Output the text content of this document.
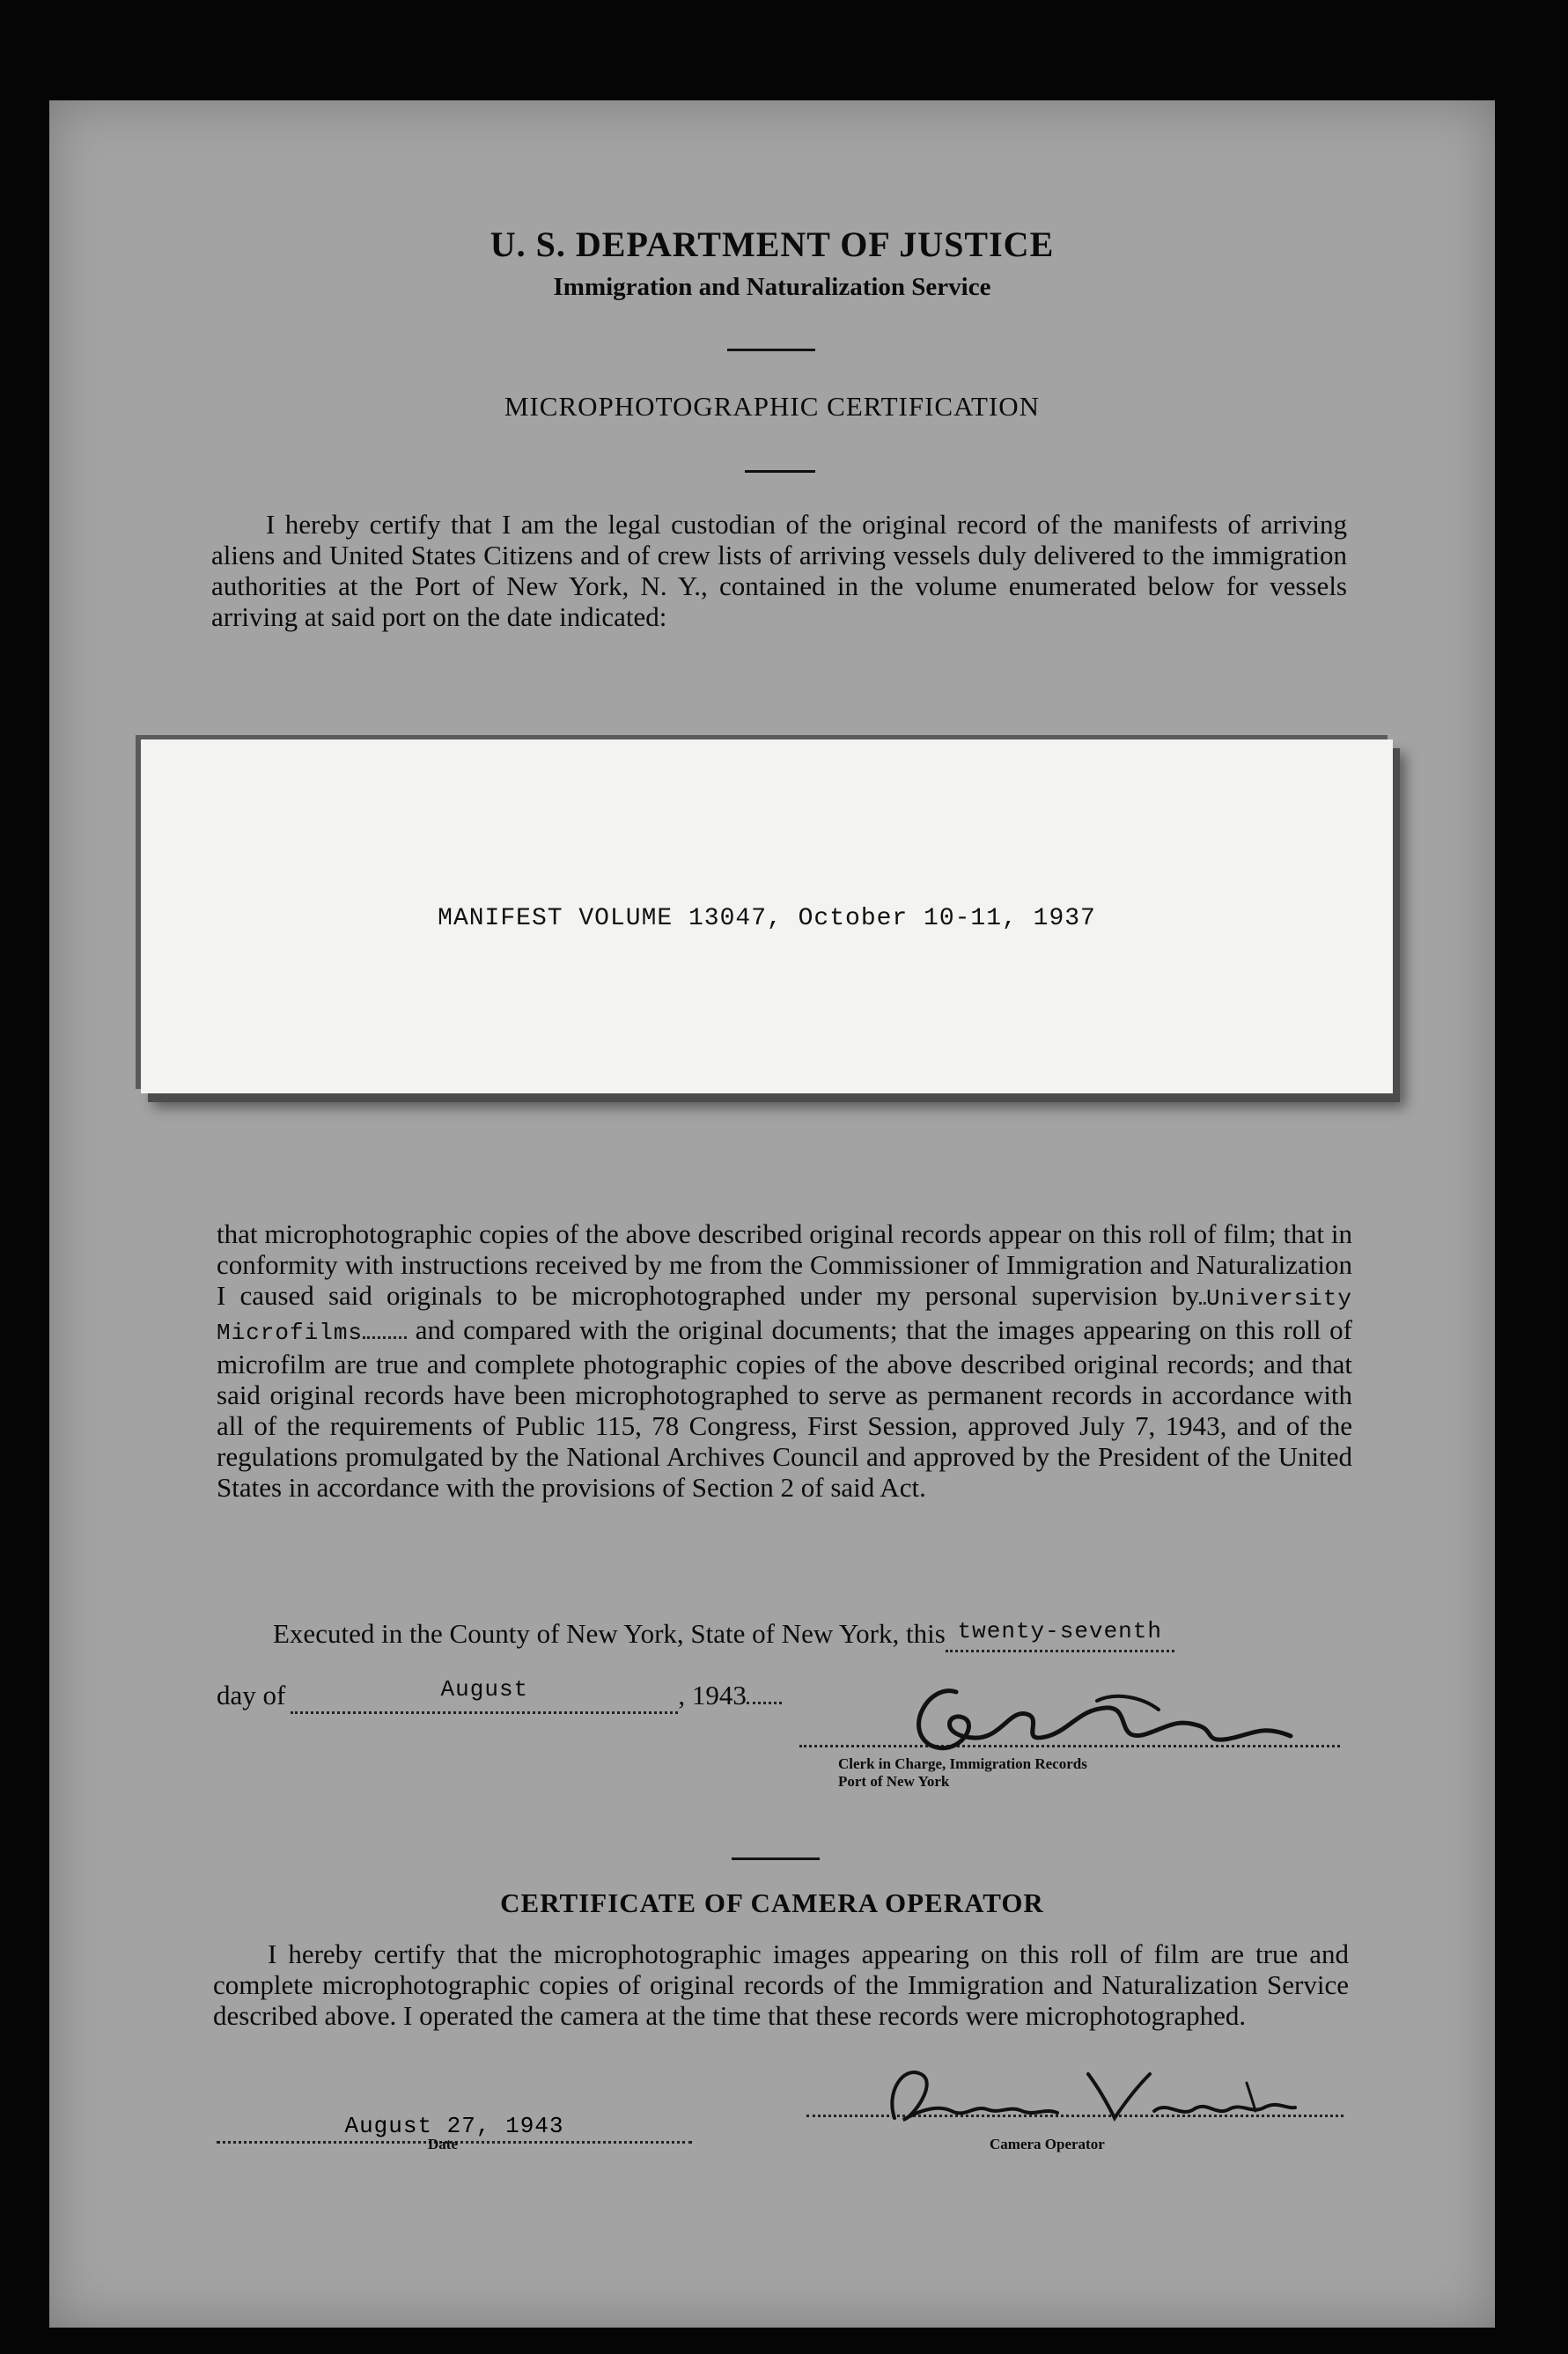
U. S. DEPARTMENT OF JUSTICE
Immigration and Naturalization Service
MICROPHOTOGRAPHIC CERTIFICATION
I hereby certify that I am the legal custodian of the original record of the manifests of arriving aliens and United States Citizens and of crew lists of arriving vessels duly delivered to the immigration authorities at the Port of New York, N. Y., contained in the volume enumerated below for vessels arriving at said port on the date indicated:
MANIFEST VOLUME 13047, October 10-11, 1937
that microphotographic copies of the above described original records appear on this roll of film; that in conformity with instructions received by me from the Commissioner of Immigration and Naturalization I caused said originals to be microphotographed under my personal supervision by University Microfilms and compared with the original documents; that the images appearing on this roll of microfilm are true and complete photographic copies of the above described original records; and that said original records have been microphotographed to serve as permanent records in accordance with all of the requirements of Public 115, 78 Congress, First Session, approved July 7, 1943, and of the regulations promulgated by the National Archives Council and approved by the President of the United States in accordance with the provisions of Section 2 of said Act.
Executed in the County of New York, State of New York, this twenty-seventh
day of	$^{August}$	, 1943
Clerk in Charge, Immigration Records
Port of New York
CERTIFICATE OF CAMERA OPERATOR
I hereby certify that the microphotographic images appearing on this roll of film are true and complete microphotographic copies of original records of the Immigration and Naturalization Service described above. I operated the camera at the time that these records were microphotographed.
August 27, 1943
Date	Camera Operator
